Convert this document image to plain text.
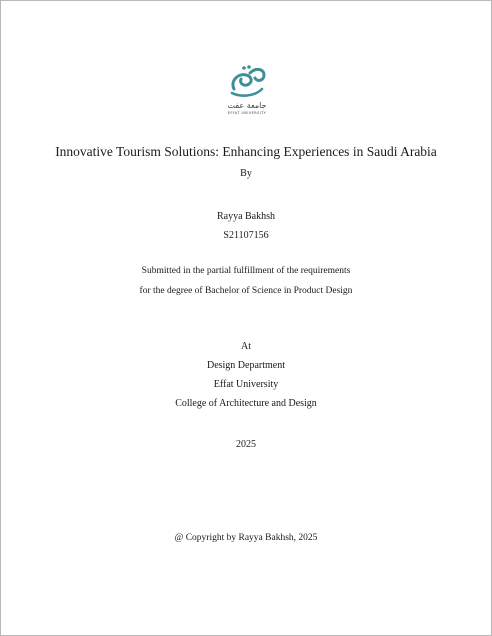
جامعة عفت
EFFAT UNIVERSITY
Innovative Tourism Solutions: Enhancing Experiences in Saudi Arabia
By
Rayya Bakhsh
S21107156
Submitted in the partial fulfillment of the requirements
for the degree of Bachelor of Science in Product Design
At
Design Department
Effat University
College of Architecture and Design
2025
@ Copyright by Rayya Bakhsh, 2025
